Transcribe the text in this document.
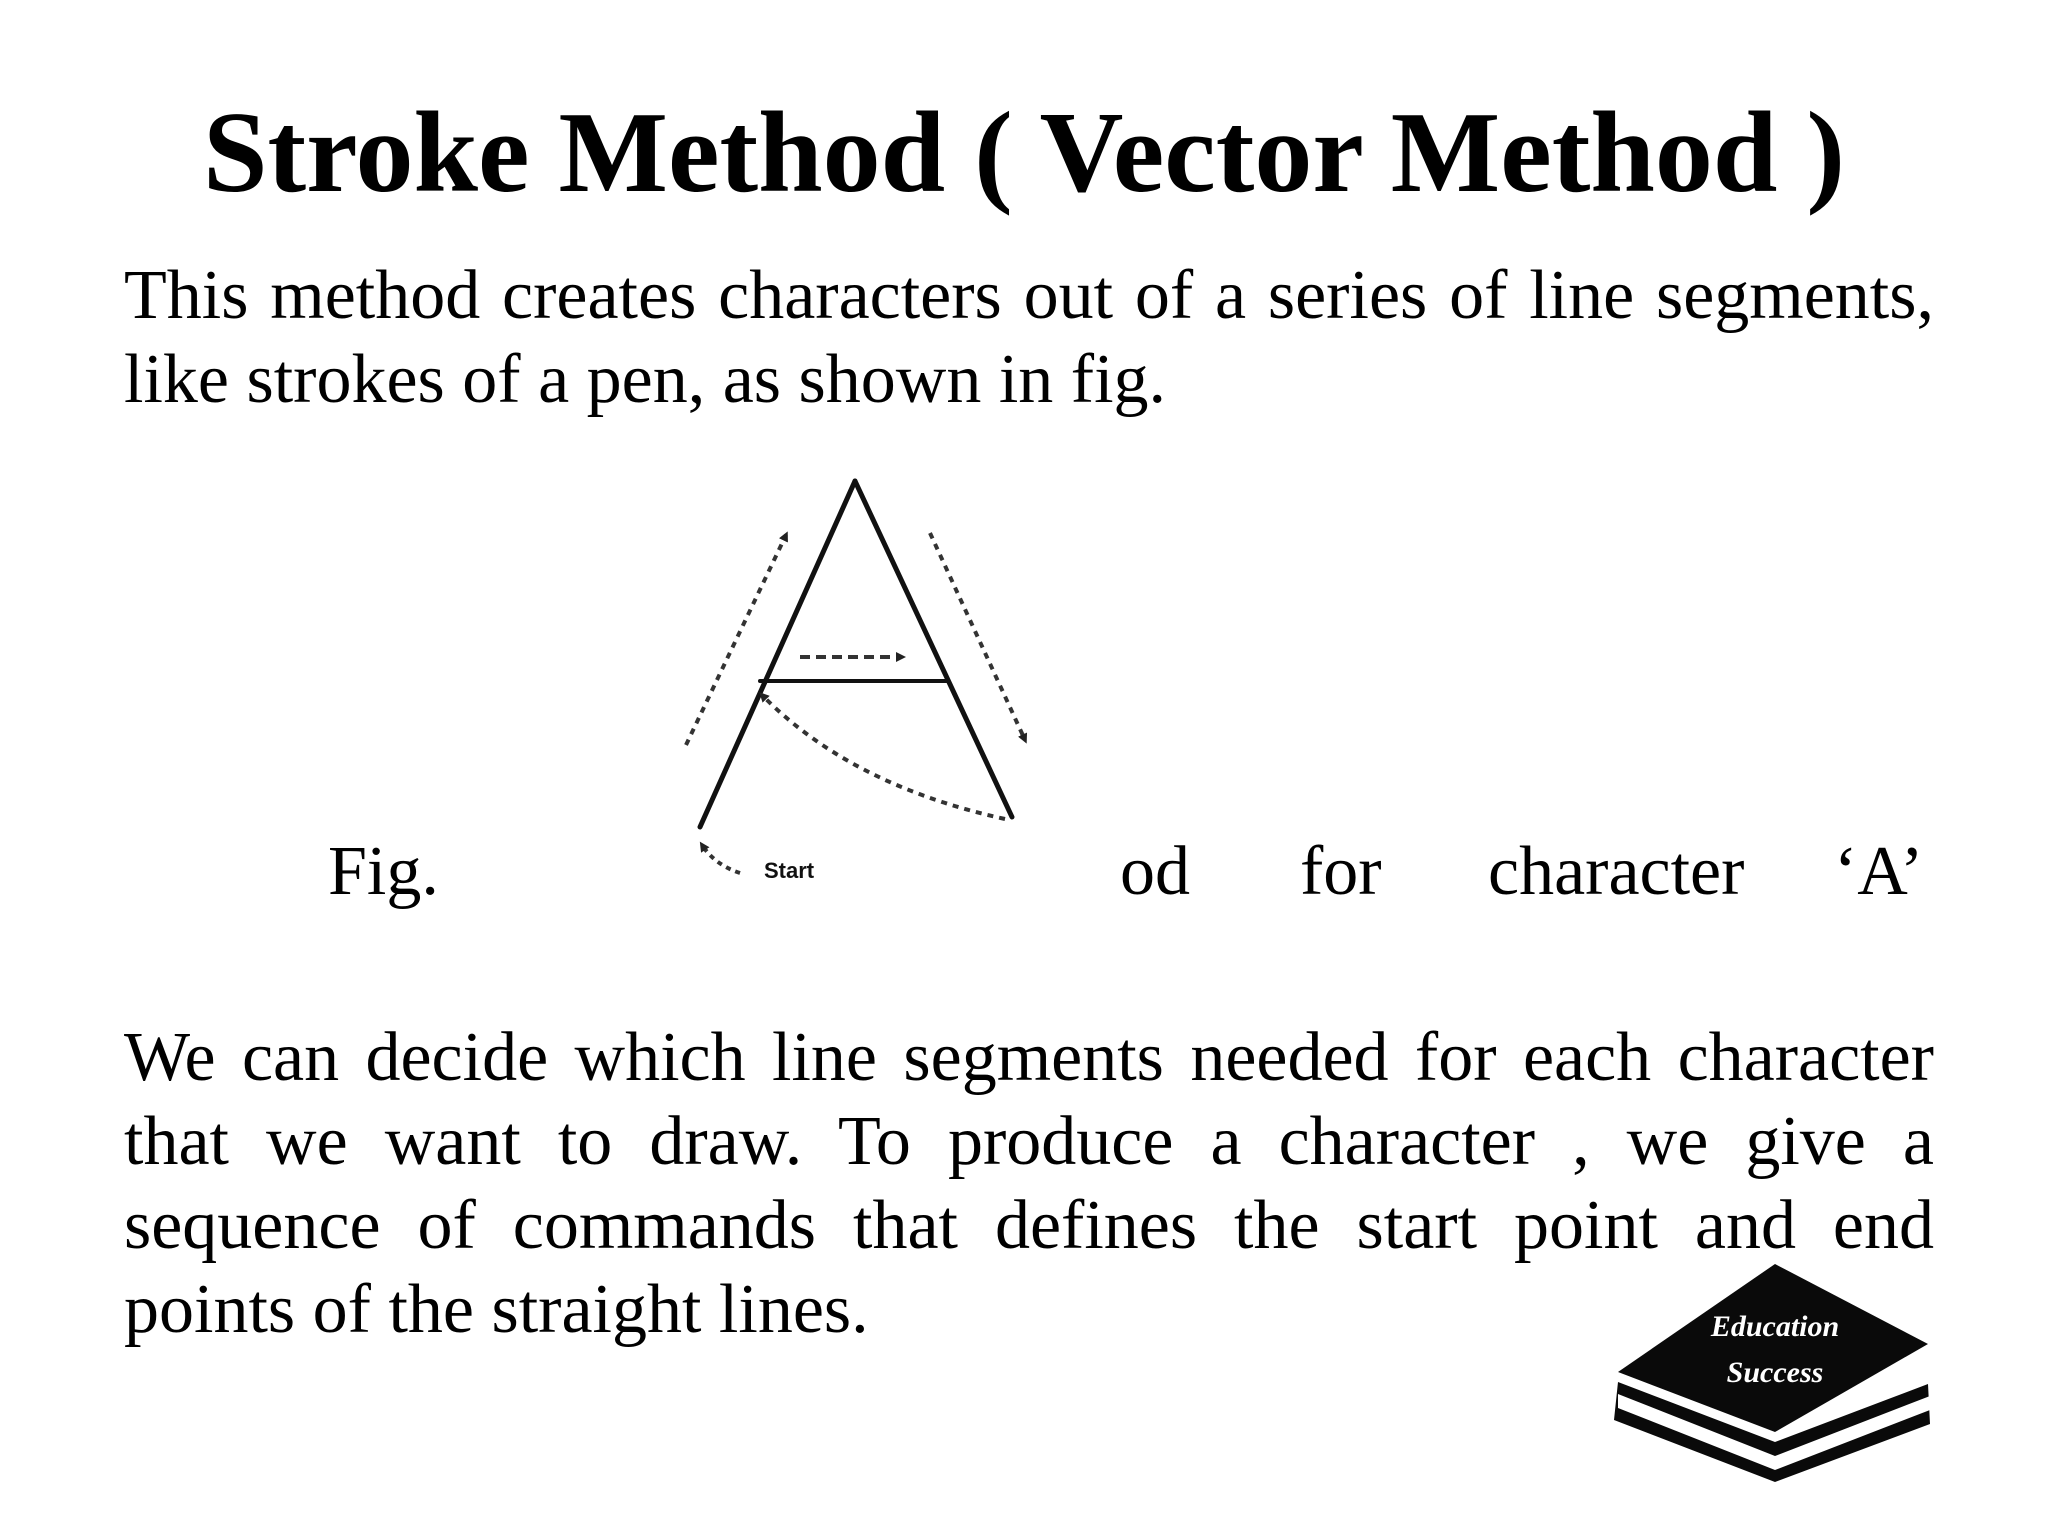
Stroke Method ( Vector Method )
This method creates characters out of a series of line segments, like strokes of a pen, as shown in fig.
Fig.	od for character ‘A’
Start
We can decide which line segments needed for each character that we want to draw. To produce a character , we give a sequence of commands that defines the start point and end points of the straight lines.	Education
Success
